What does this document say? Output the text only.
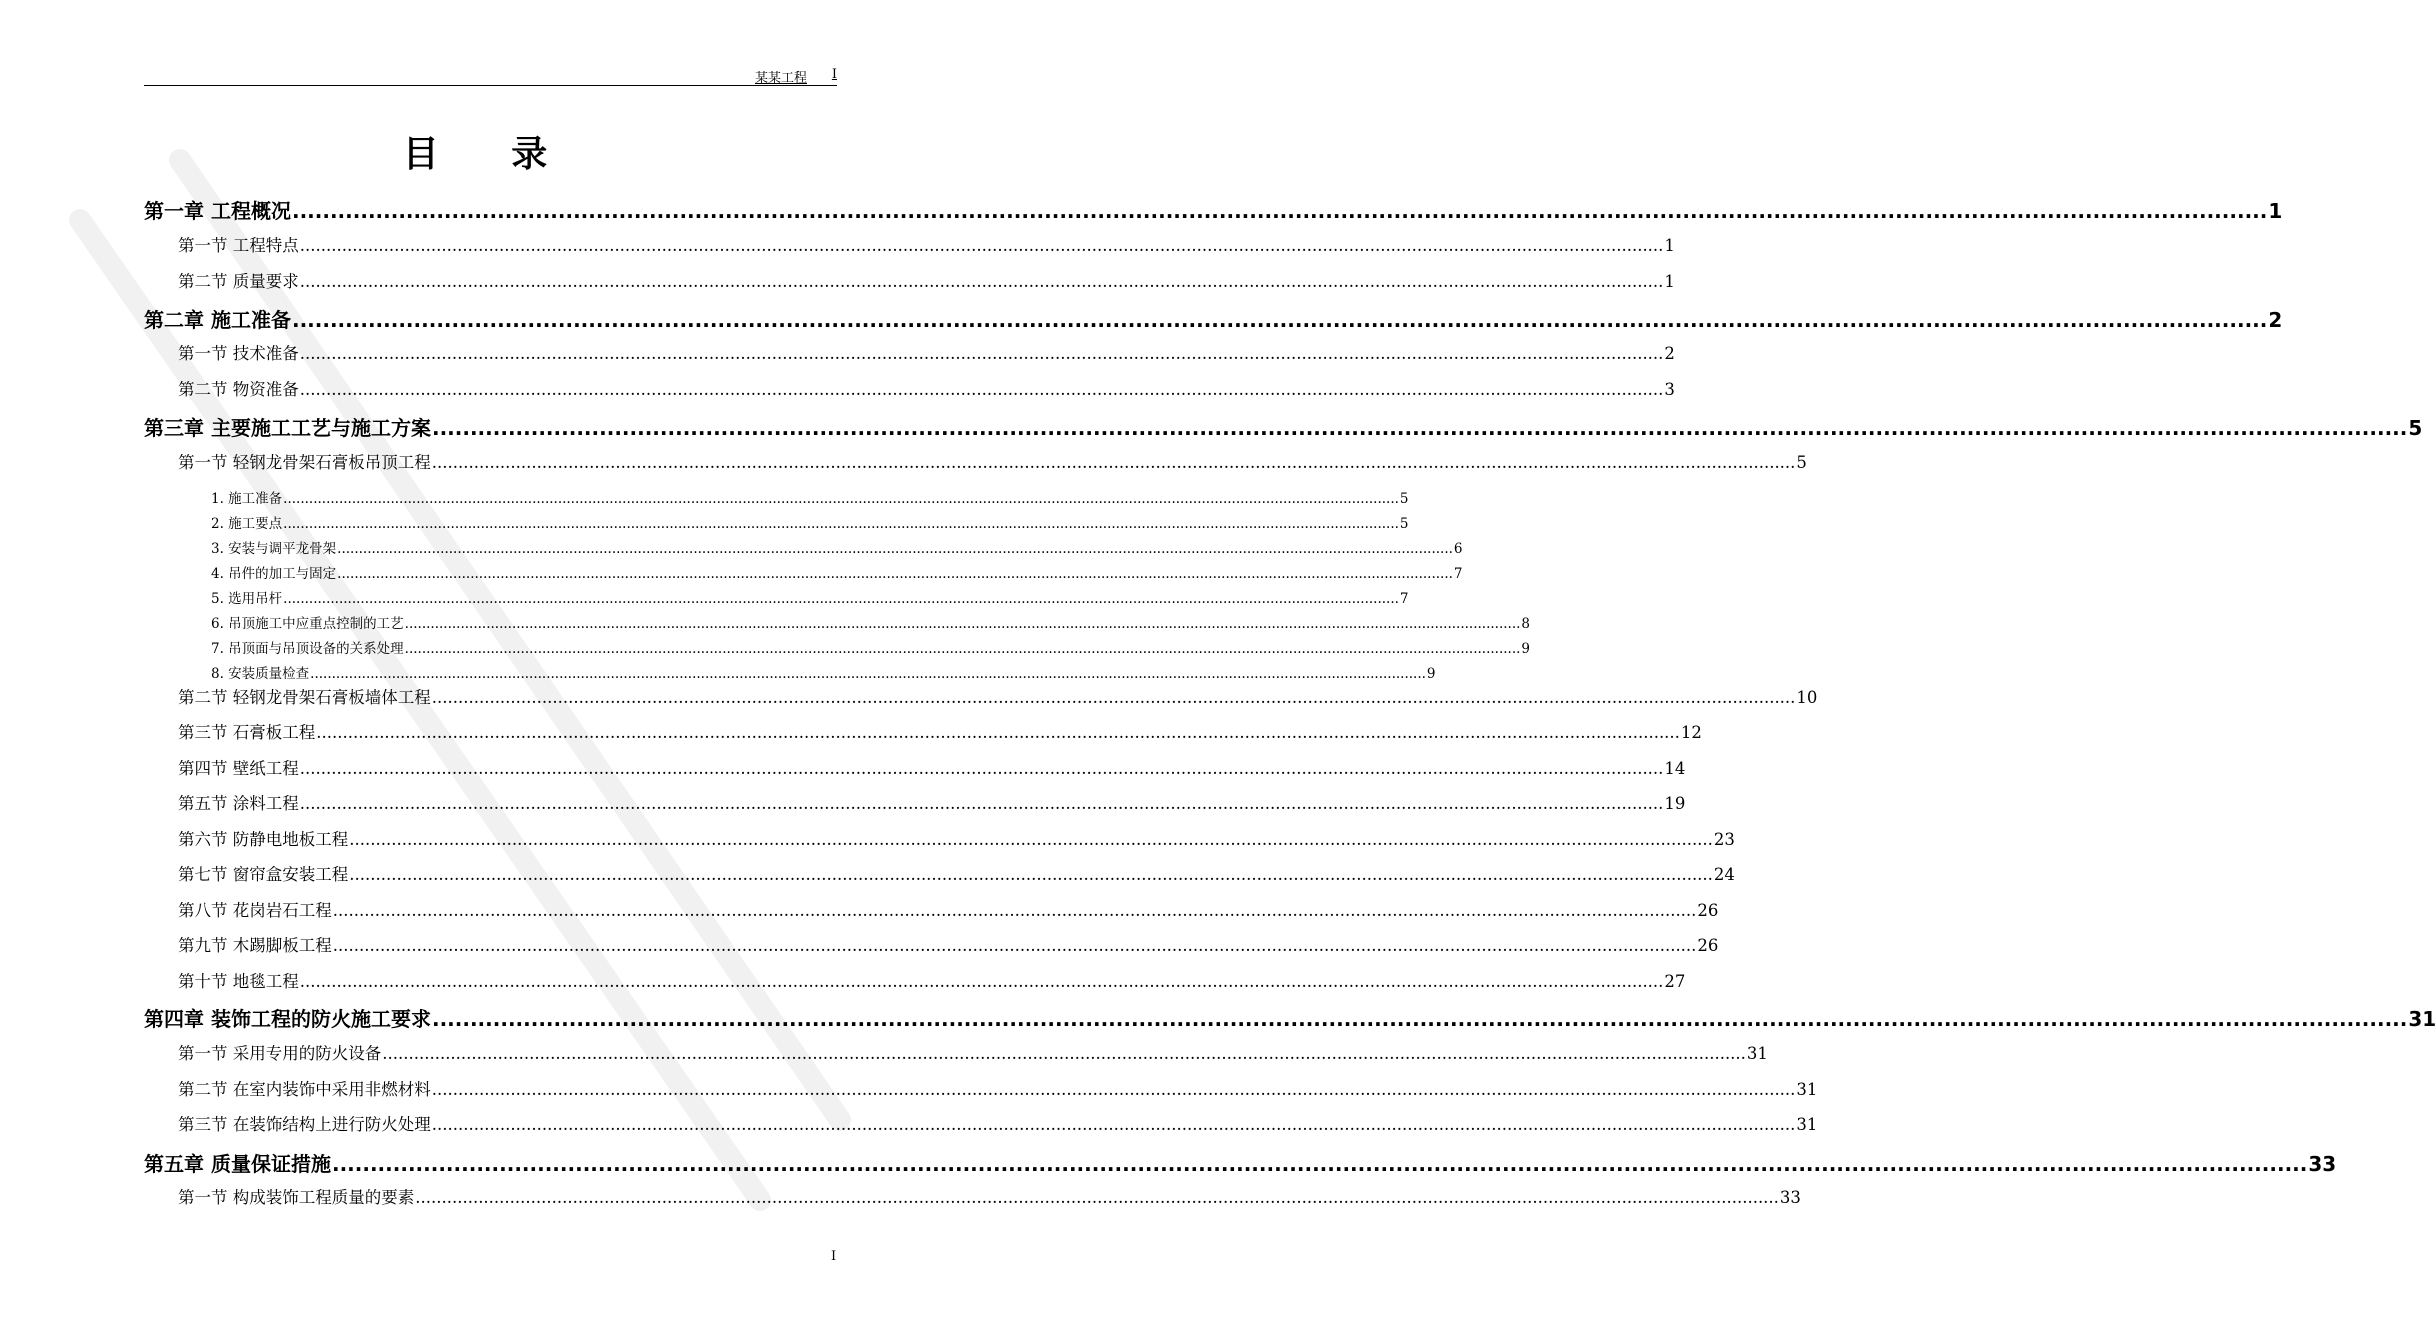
某某工程 I
目 录
第一章 工程概况 .................................................................................................................................................................................................................................................................... 1
第一节 工程特点 .................................................................................................................................................................................................................................................................... 1
第二节 质量要求 .................................................................................................................................................................................................................................................................... 1
第二章 施工准备 .................................................................................................................................................................................................................................................................... 2
第一节 技术准备 .................................................................................................................................................................................................................................................................... 2
第二节 物资准备 .................................................................................................................................................................................................................................................................... 3
第三章 主要施工工艺与施工方案 .................................................................................................................................................................................................................................................................... 5
第一节 轻钢龙骨架石膏板吊顶工程 .................................................................................................................................................................................................................................................................... 5
1. 施工准备 .................................................................................................................................................................................................................................................................... 5
2. 施工要点 .................................................................................................................................................................................................................................................................... 5
3. 安装与调平龙骨架 .................................................................................................................................................................................................................................................................... 6
4. 吊件的加工与固定 .................................................................................................................................................................................................................................................................... 7
5. 选用吊杆 .................................................................................................................................................................................................................................................................... 7
6. 吊顶施工中应重点控制的工艺 .................................................................................................................................................................................................................................................................... 8
7. 吊顶面与吊顶设备的关系处理 .................................................................................................................................................................................................................................................................... 9
8. 安装质量检查 .................................................................................................................................................................................................................................................................... 9
第二节 轻钢龙骨架石膏板墙体工程 .................................................................................................................................................................................................................................................................... 10
第三节 石膏板工程 .................................................................................................................................................................................................................................................................... 12
第四节 壁纸工程 .................................................................................................................................................................................................................................................................... 14
第五节 涂料工程 .................................................................................................................................................................................................................................................................... 19
第六节 防静电地板工程 .................................................................................................................................................................................................................................................................... 23
第七节 窗帘盒安装工程 .................................................................................................................................................................................................................................................................... 24
第八节 花岗岩石工程 .................................................................................................................................................................................................................................................................... 26
第九节 木踢脚板工程 .................................................................................................................................................................................................................................................................... 26
第十节 地毯工程 .................................................................................................................................................................................................................................................................... 27
第四章 装饰工程的防火施工要求 .................................................................................................................................................................................................................................................................... 31
第一节 采用专用的防火设备 .................................................................................................................................................................................................................................................................... 31
第二节 在室内装饰中采用非燃材料 .................................................................................................................................................................................................................................................................... 31
第三节 在装饰结构上进行防火处理 .................................................................................................................................................................................................................................................................... 31
第五章 质量保证措施 .................................................................................................................................................................................................................................................................... 33
第一节 构成装饰工程质量的要素 .................................................................................................................................................................................................................................................................... 33
I
